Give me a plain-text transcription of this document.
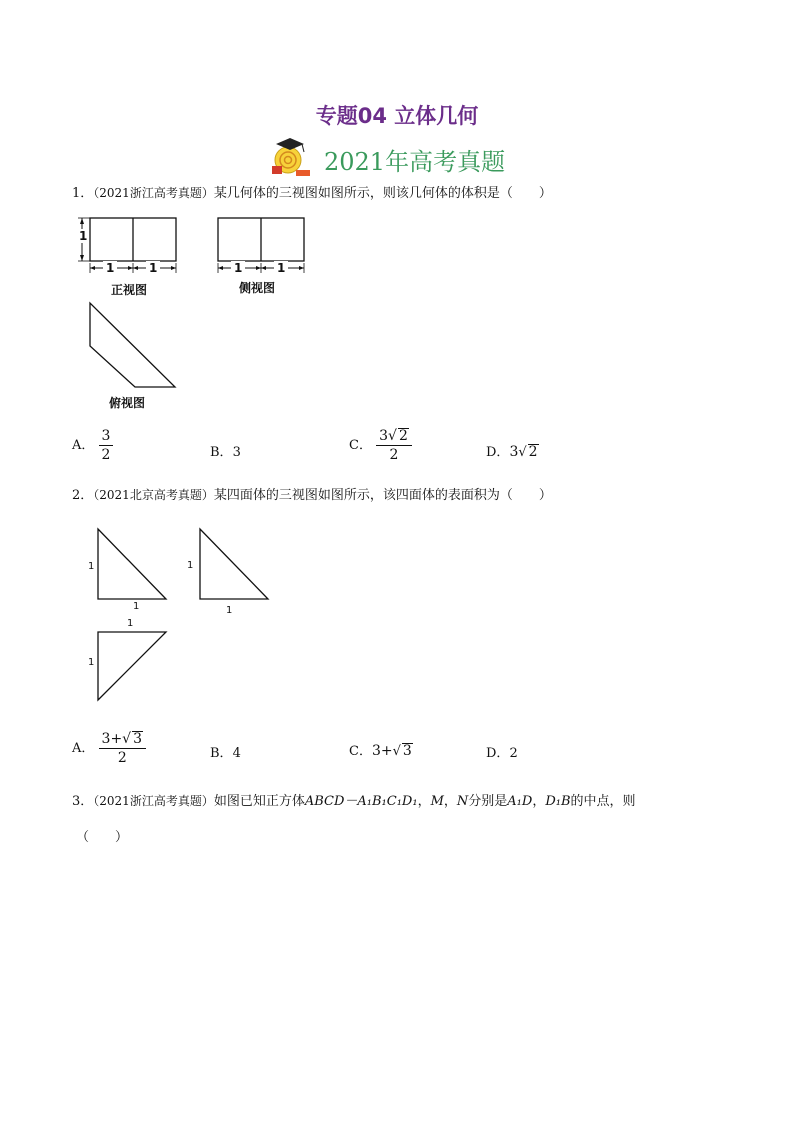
专题04 立体几何
2021年高考真题
1．（2021浙江高考真题）某几何体的三视图如图所示，则该几何体的体积是（　　）
1
1	1
正视图
1	1
侧视图
俯视图
A． $\frac{3}{2}$	B．3	C． $\frac{3√ 2}{2}$	D．3√ 2
2．（2021北京高考真题）某四面体的三视图如图所示，该四面体的表面积为（　　）
1
1
1
1
1
1
A． $\frac{3+√ 3}{2}$	B．4	C．3+√ 3	D．2
3．（2021浙江高考真题）如图已知正方体ABCD－A₁B₁C₁D₁，M，N分别是A₁D，D₁B的中点，则
（　　）
